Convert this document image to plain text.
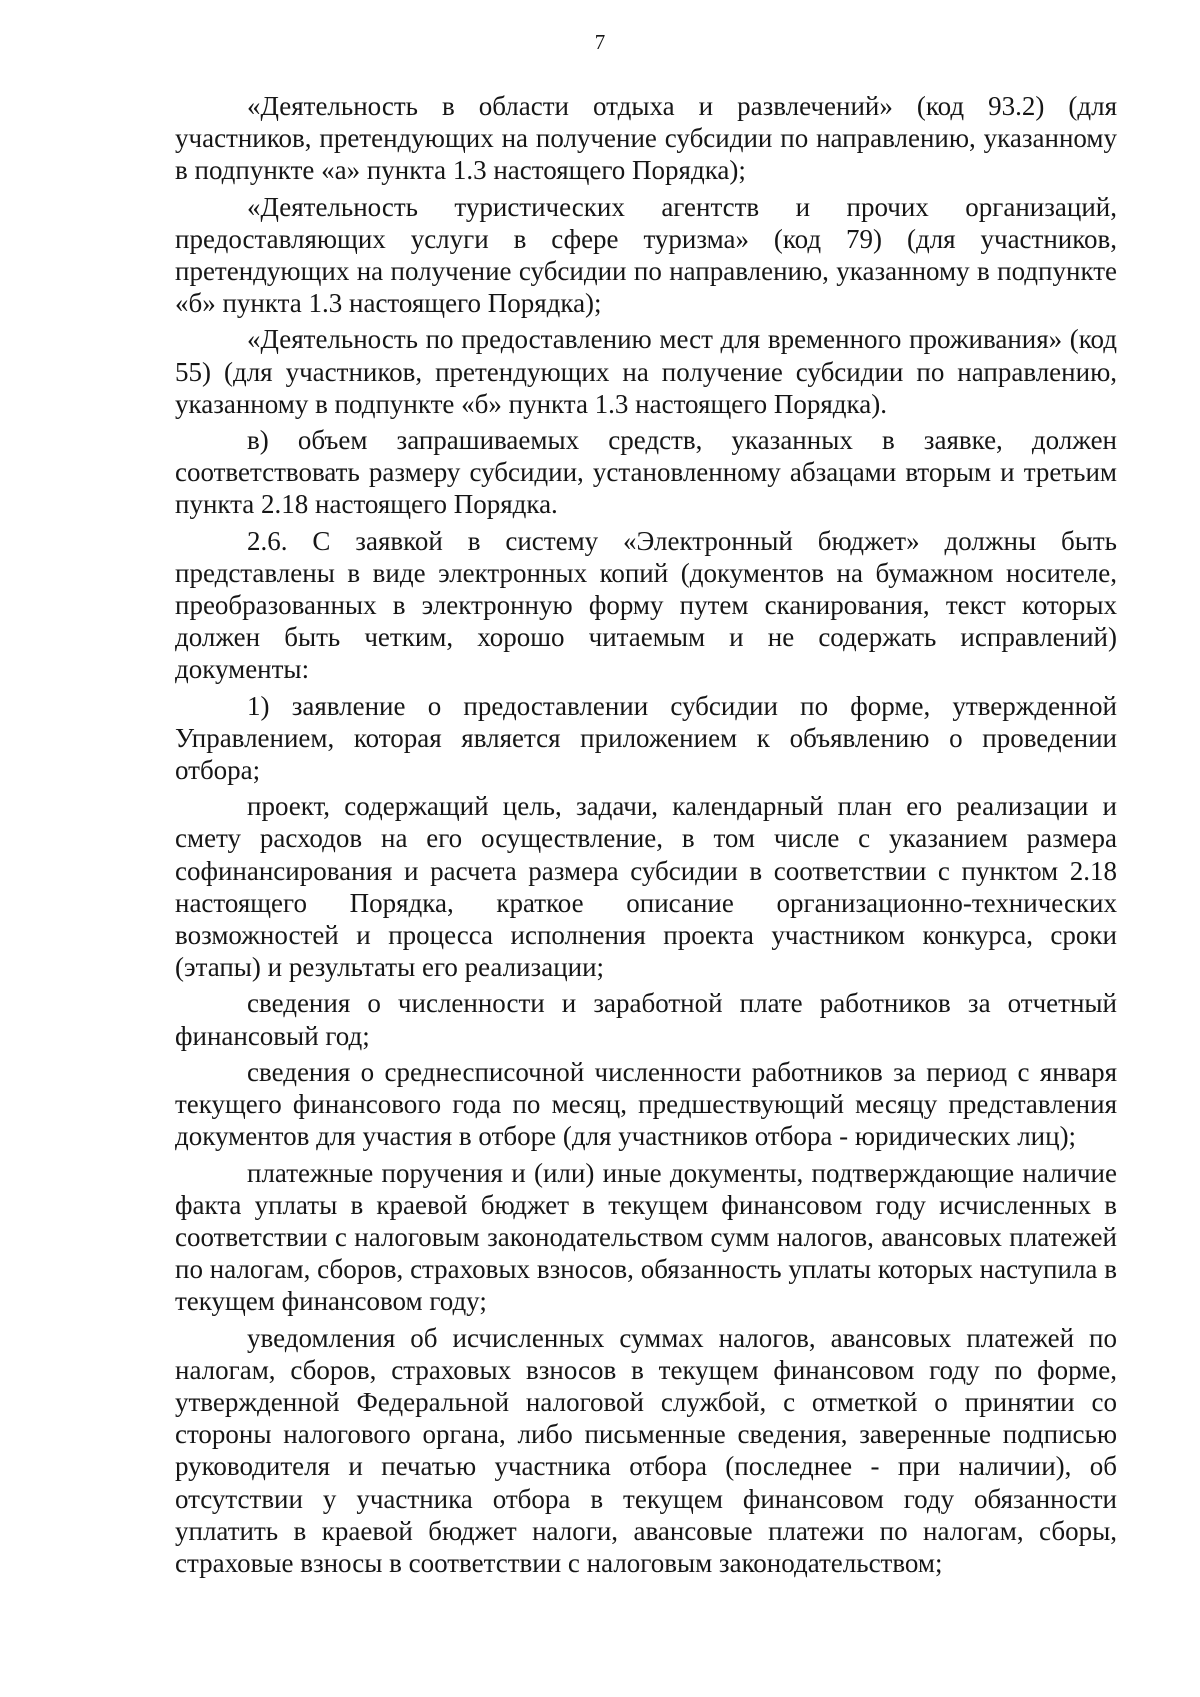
7

«Деятельность в области отдыха и развлечений» (код 93.2) (для участников, претендующих на получение субсидии по направлению, указанному в подпункте «а» пункта 1.3 настоящего Порядка);

«Деятельность туристических агентств и прочих организаций, предоставляющих услуги в сфере туризма» (код 79) (для участников, претендующих на получение субсидии по направлению, указанному в подпункте «б» пункта 1.3 настоящего Порядка);

«Деятельность по предоставлению мест для временного проживания» (код 55) (для участников, претендующих на получение субсидии по направлению, указанному в подпункте «б» пункта 1.3 настоящего Порядка).

в) объем запрашиваемых средств, указанных в заявке, должен соответствовать размеру субсидии, установленному абзацами вторым и третьим пункта 2.18 настоящего Порядка.

2.6. С заявкой в систему «Электронный бюджет» должны быть представлены в виде электронных копий (документов на бумажном носителе, преобразованных в электронную форму путем сканирования, текст которых должен быть четким, хорошо читаемым и не содержать исправлений) документы:

1) заявление о предоставлении субсидии по форме, утвержденной Управлением, которая является приложением к объявлению о проведении отбора;

проект, содержащий цель, задачи, календарный план его реализации и смету расходов на его осуществление, в том числе с указанием размера софинансирования и расчета размера субсидии в соответствии с пунктом 2.18 настоящего Порядка, краткое описание организационно-технических возможностей и процесса исполнения проекта участником конкурса, сроки (этапы) и результаты его реализации;

сведения о численности и заработной плате работников за отчетный финансовый год;

сведения о среднесписочной численности работников за период с января текущего финансового года по месяц, предшествующий месяцу представления документов для участия в отборе (для участников отбора - юридических лиц);

платежные поручения и (или) иные документы, подтверждающие наличие факта уплаты в краевой бюджет в текущем финансовом году исчисленных в соответствии с налоговым законодательством сумм налогов, авансовых платежей по налогам, сборов, страховых взносов, обязанность уплаты которых наступила в текущем финансовом году;

уведомления об исчисленных суммах налогов, авансовых платежей по налогам, сборов, страховых взносов в текущем финансовом году по форме, утвержденной Федеральной налоговой службой, с отметкой о принятии со стороны налогового органа, либо письменные сведения, заверенные подписью руководителя и печатью участника отбора (последнее - при наличии), об отсутствии у участника отбора в текущем финансовом году обязанности уплатить в краевой бюджет налоги, авансовые платежи по налогам, сборы, страховые взносы в соответствии с налоговым законодательством;
